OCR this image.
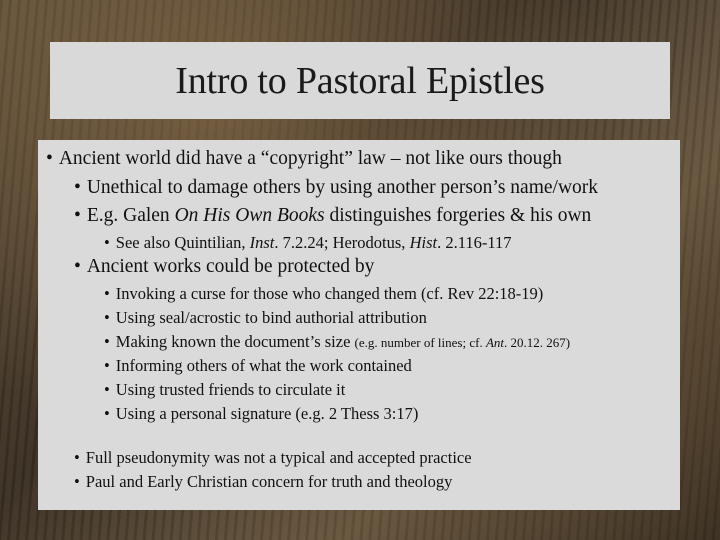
Intro to Pastoral Epistles
• Ancient world did have a “copyright” law – not like ours though
• Unethical to damage others by using another person’s name/work
• E.g. Galen On His Own Books distinguishes forgeries & his own
• See also Quintilian, Inst. 7.2.24; Herodotus, Hist. 2.116-117
• Ancient works could be protected by
• Invoking a curse for those who changed them (cf. Rev 22:18-19)
• Using seal/acrostic to bind authorial attribution
• Making known the document’s size (e.g. number of lines; cf. Ant. 20.12. 267)
• Informing others of what the work contained
• Using trusted friends to circulate it
• Using a personal signature (e.g. 2 Thess 3:17)
• Full pseudonymity was not a typical and accepted practice
• Paul and Early Christian concern for truth and theology
